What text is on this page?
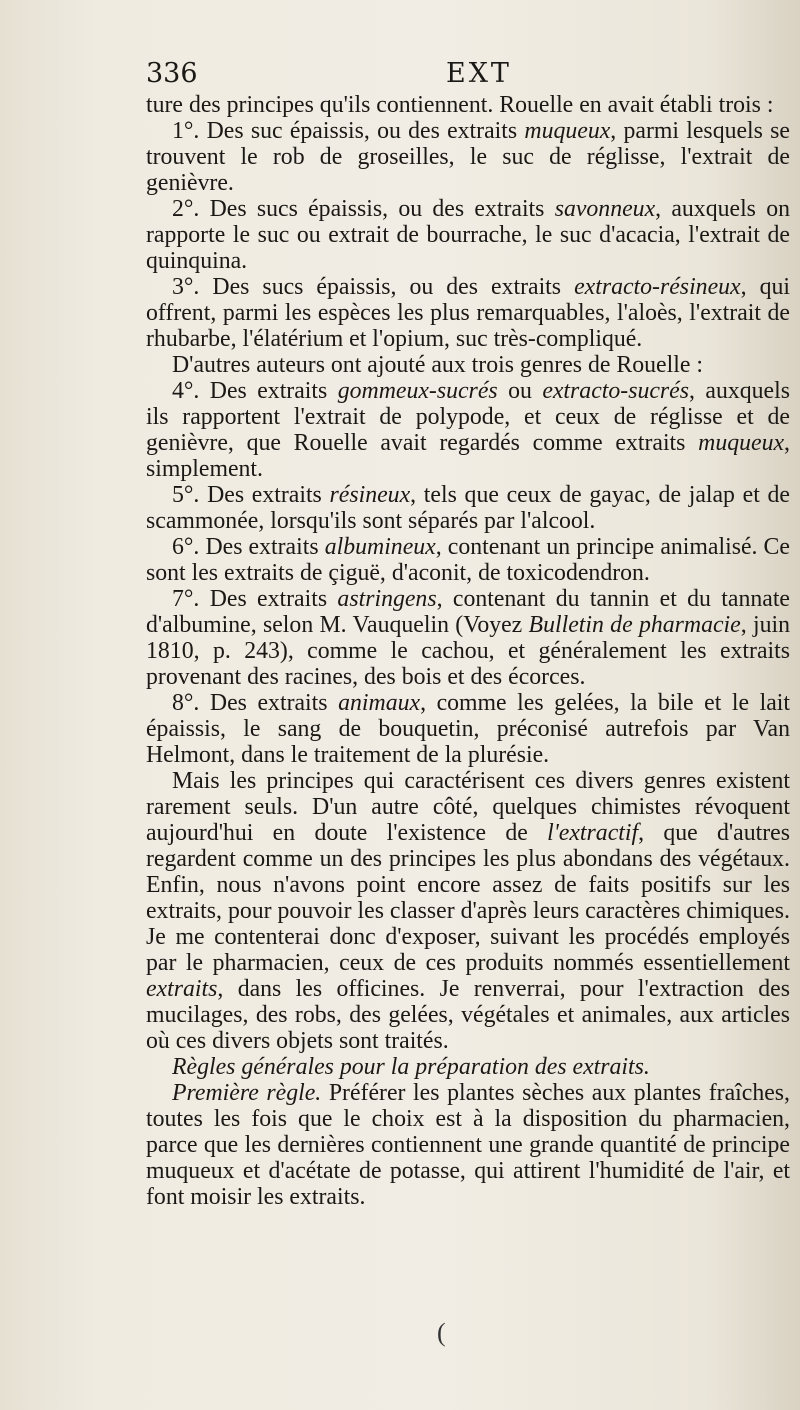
336	EXT

ture des principes qu'ils contiennent. Rouelle en avait établi trois :

1°. Des suc épaissis, ou des extraits muqueux, parmi lesquels se trouvent le rob de groseilles, le suc de réglisse, l'extrait de genièvre.

2°. Des sucs épaissis, ou des extraits savonneux, auxquels on rapporte le suc ou extrait de bourrache, le suc d'acacia, l'extrait de quinquina.

3°. Des sucs épaissis, ou des extraits extracto-résineux, qui offrent, parmi les espèces les plus remarquables, l'aloès, l'extrait de rhubarbe, l'élatérium et l'opium, suc très-compliqué.

D'autres auteurs ont ajouté aux trois genres de Rouelle :

4°. Des extraits gommeux-sucrés ou extracto-sucrés, auxquels ils rapportent l'extrait de polypode, et ceux de réglisse et de genièvre, que Rouelle avait regardés comme extraits muqueux, simplement.

5°. Des extraits résineux, tels que ceux de gayac, de jalap et de scammonée, lorsqu'ils sont séparés par l'alcool.

6°. Des extraits albumineux, contenant un principe animalisé. Ce sont les extraits de çiguë, d'aconit, de toxicodendron.

7°. Des extraits astringens, contenant du tannin et du tannate d'albumine, selon M. Vauquelin (Voyez Bulletin de pharmacie, juin 1810, p. 243), comme le cachou, et généralement les extraits provenant des racines, des bois et des écorces.

8°. Des extraits animaux, comme les gelées, la bile et le lait épaissis, le sang de bouquetin, préconisé autrefois par Van Helmont, dans le traitement de la plurésie.

Mais les principes qui caractérisent ces divers genres existent rarement seuls. D'un autre côté, quelques chimistes révoquent aujourd'hui en doute l'existence de l'extractif, que d'autres regardent comme un des principes les plus abondans des végétaux. Enfin, nous n'avons point encore assez de faits positifs sur les extraits, pour pouvoir les classer d'après leurs caractères chimiques. Je me contenterai donc d'exposer, suivant les procédés employés par le pharmacien, ceux de ces produits nommés essentiellement extraits, dans les officines. Je renverrai, pour l'extraction des mucilages, des robs, des gelées, végétales et animales, aux articles où ces divers objets sont traités.

Règles générales pour la préparation des extraits.

Première règle. Préférer les plantes sèches aux plantes fraîches, toutes les fois que le choix est à la disposition du pharmacien, parce que les dernières contiennent une grande quantité de principe muqueux et d'acétate de potasse, qui attirent l'humidité de l'air, et font moisir les extraits.

(
